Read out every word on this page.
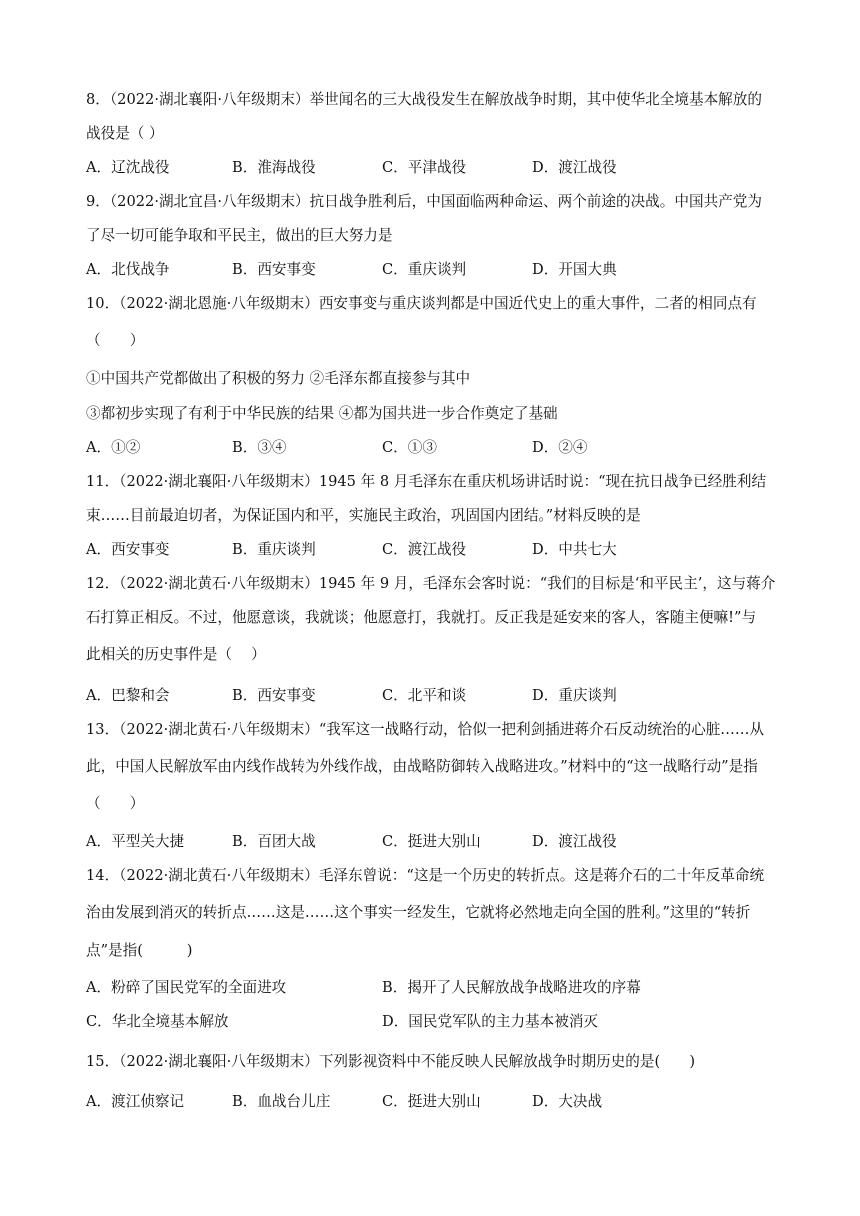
8．（2022·湖北襄阳·八年级期末）举世闻名的三大战役发生在解放战争时期，其中使华北全境基本解放的
战役是（ ）
A．辽沈战役	B．淮海战役	C．平津战役	D．渡江战役
9．（2022·湖北宜昌·八年级期末）抗日战争胜利后，中国面临两种命运、两个前途的决战。中国共产党为
了尽一切可能争取和平民主，做出的巨大努力是
A．北伐战争	B．西安事变	C．重庆谈判	D．开国大典
10．（2022·湖北恩施·八年级期末）西安事变与重庆谈判都是中国近代史上的重大事件，二者的相同点有
（　　）
①中国共产党都做出了积极的努力 ②毛泽东都直接参与其中
③都初步实现了有利于中华民族的结果 ④都为国共进一步合作奠定了基础
A．①②	B．③④	C．①③	D．②④
11．（2022·湖北襄阳·八年级期末）1945 年 8 月毛泽东在重庆机场讲话时说：“现在抗日战争已经胜利结
束……目前最迫切者，为保证国内和平，实施民主政治，巩固国内团结。”材料反映的是
A．西安事变	B．重庆谈判	C．渡江战役	D．中共七大
12．（2022·湖北黄石·八年级期末）1945 年 9 月，毛泽东会客时说：“我们的目标是‘和平民主’，这与蒋介
石打算正相反。不过，他愿意谈，我就谈；他愿意打，我就打。反正我是延安来的客人，客随主便嘛!”与
此相关的历史事件是（　 ）
A．巴黎和会	B．西安事变	C．北平和谈	D．重庆谈判
13．（2022·湖北黄石·八年级期末）“我军这一战略行动，恰似一把利剑插进蒋介石反动统治的心脏……从
此，中国人民解放军由内线作战转为外线作战，由战略防御转入战略进攻。”材料中的“这一战略行动”是指
（　　）
A．平型关大捷	B．百团大战	C．挺进大别山	D．渡江战役
14．（2022·湖北黄石·八年级期末）毛泽东曾说：“这是一个历史的转折点。这是蒋介石的二十年反革命统
治由发展到消灭的转折点……这是……这个事实一经发生，它就将必然地走向全国的胜利。”这里的“转折
点”是指(　　　)
A．粉碎了国民党军的全面进攻	B．揭开了人民解放战争战略进攻的序幕
C．华北全境基本解放	D．国民党军队的主力基本被消灭
15．（2022·湖北襄阳·八年级期末）下列影视资料中不能反映人民解放战争时期历史的是(　　)
A．渡江侦察记	B．血战台儿庄	C．挺进大别山	D．大决战
